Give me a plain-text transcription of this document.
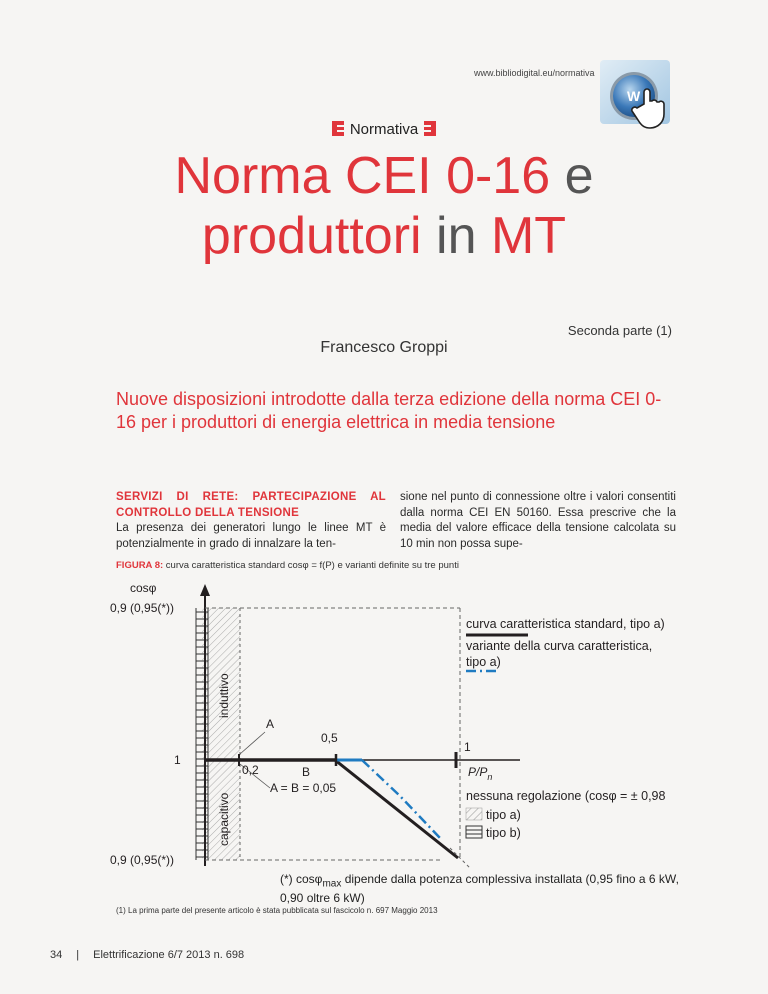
www.bibliodigital.eu/normativa
W
Normativa
Norma CEI 0-16 e
produttori in MT
Seconda parte (1)
Francesco Groppi
Nuove disposizioni introdotte dalla terza edizione della norma CEI 0-16 per i produttori di energia elettrica in media tensione
SERVIZI DI RETE: PARTECIPAZIONE AL CONTROLLO DELLA TENSIONE

La presenza dei generatori lungo le linee MT è potenzialmente in grado di innalzare la ten-

sione nel punto di connessione oltre i valori consentiti dalla norma CEI EN 50160. Essa prescrive che la media del valore efficace della tensione calcolata su 10 min non possa supe-

FIGURA 8: curva caratteristica standard cosφ = f(P) e varianti definite su tre punti
cosφ
0,9 (0,95(*))
1
0,9 (0,95(*))
0,2
0,5
1
$P/P_n$
A
B
A = B = 0,05
induttivo
capacitivo
curva caratteristica standard, tipo a)
variante della curva caratteristica,
tipo a)
nessuna regolazione (cosφ = ± 0,98
tipo a)
tipo b)
(*) cosφ$_{max}$ dipende dalla potenza complessiva installata (0,95 fino a 6 kW, 0,90 oltre 6 kW)
(1) La prima parte del presente articolo è stata pubblicata sul fascicolo n. 697 Maggio 2013
34 | Elettrificazione 6/7 2013 n. 698
